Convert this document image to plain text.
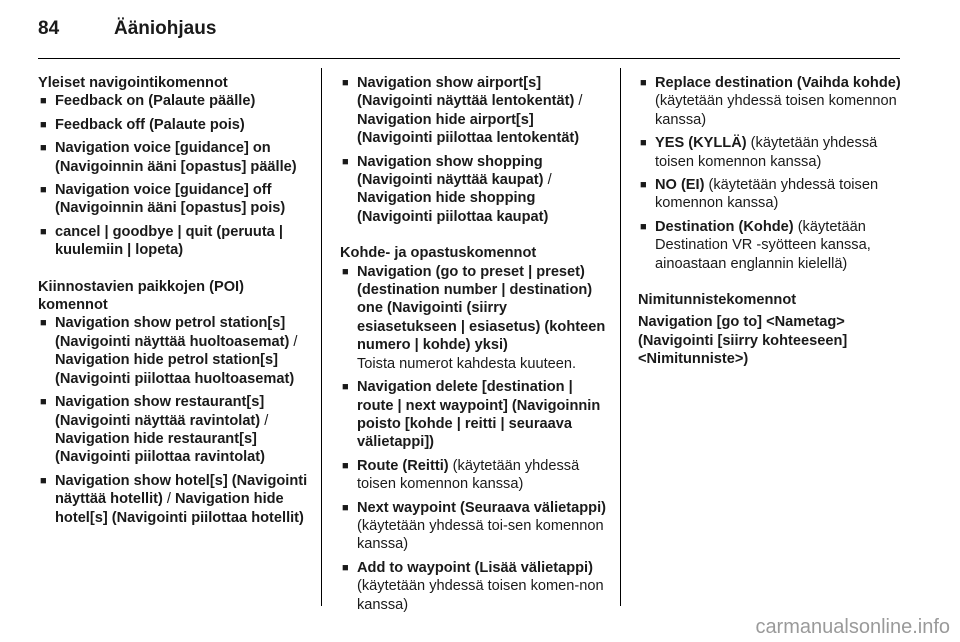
84	Ääniohjaus
Yleiset navigointikomennot
■ Feedback on (Palaute päälle)
■ Feedback off (Palaute pois)
■ Navigation voice [guidance] on (Navigoinnin ääni [opastus] päälle)
■ Navigation voice [guidance] off (Navigoinnin ääni [opastus] pois)
■ cancel | goodbye | quit (peruuta | kuulemiin | lopeta)
Kiinnostavien paikkojen (POI) komennot
■ Navigation show petrol station[s] (Navigointi näyttää huoltoasemat) / Navigation hide petrol station[s] (Navigointi piilottaa huoltoasemat)
■ Navigation show restaurant[s] (Navigointi näyttää ravintolat) / Navigation hide restaurant[s] (Navigointi piilottaa ravintolat)
■ Navigation show hotel[s] (Navigointi näyttää hotellit) / Navigation hide hotel[s] (Navigointi piilottaa hotellit)
■ Navigation show airport[s] (Navigointi näyttää lentokentät) / Navigation hide airport[s] (Navigointi piilottaa lentokentät)
■ Navigation show shopping (Navigointi näyttää kaupat) / Navigation hide shopping (Navigointi piilottaa kaupat)
Kohde- ja opastuskomennot
■ Navigation (go to preset | preset) (destination number | destination) one (Navigointi (siirry esiasetukseen | esiasetus) (kohteen numero | kohde) yksi)
Toista numerot kahdesta kuuteen.
■ Navigation delete [destination | route | next waypoint] (Navigoinnin poisto [kohde | reitti | seuraava välietappi])
■ Route (Reitti) (käytetään yhdessä toisen komennon kanssa)
■ Next waypoint (Seuraava välietappi) (käytetään yhdessä toi-sen komennon kanssa)
■ Add to waypoint (Lisää välietappi) (käytetään yhdessä toisen komen-non kanssa)
■ Replace destination (Vaihda kohde) (käytetään yhdessä toisen komennon kanssa)
■ YES (KYLLÄ) (käytetään yhdessä toisen komennon kanssa)
■ NO (EI) (käytetään yhdessä toisen komennon kanssa)
■ Destination (Kohde) (käytetään Destination VR -syötteen kanssa, ainoastaan englannin kielellä)
Nimitunnistekomennot
Navigation [go to] <Nametag> (Navigointi [siirry kohteeseen] <Nimitunniste>)
carmanualsonline.info
